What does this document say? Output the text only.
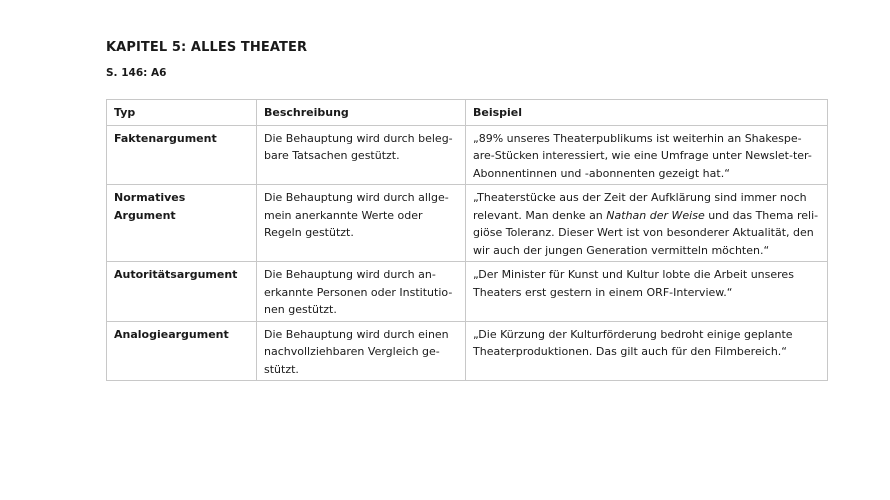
KAPITEL 5: ALLES THEATER
S. 146: A6
Typ	Beschreibung	Beispiel
Faktenargument	Die Behauptung wird durch beleg-bare Tatsachen gestützt.	„89% unseres Theaterpublikums ist weiterhin an Shakespe-are-Stücken interessiert, wie eine Umfrage unter Newslet-ter-Abonnentinnen und -abonnenten gezeigt hat.“
Normatives Argument	Die Behauptung wird durch allge-mein anerkannte Werte oder Regeln gestützt.	„Theaterstücke aus der Zeit der Aufklärung sind immer noch relevant. Man denke an Nathan der Weise und das Thema reli-giöse Toleranz. Dieser Wert ist von besonderer Aktualität, den wir auch der jungen Generation vermitteln möchten.“
Autoritätsargument	Die Behauptung wird durch an-erkannte Personen oder Institutio-nen gestützt.	„Der Minister für Kunst und Kultur lobte die Arbeit unseres Theaters erst gestern in einem ORF-Interview.“
Analogieargument	Die Behauptung wird durch einen nachvollziehbaren Vergleich ge-stützt.	„Die Kürzung der Kulturförderung bedroht einige geplante Theaterproduktionen. Das gilt auch für den Filmbereich.“
